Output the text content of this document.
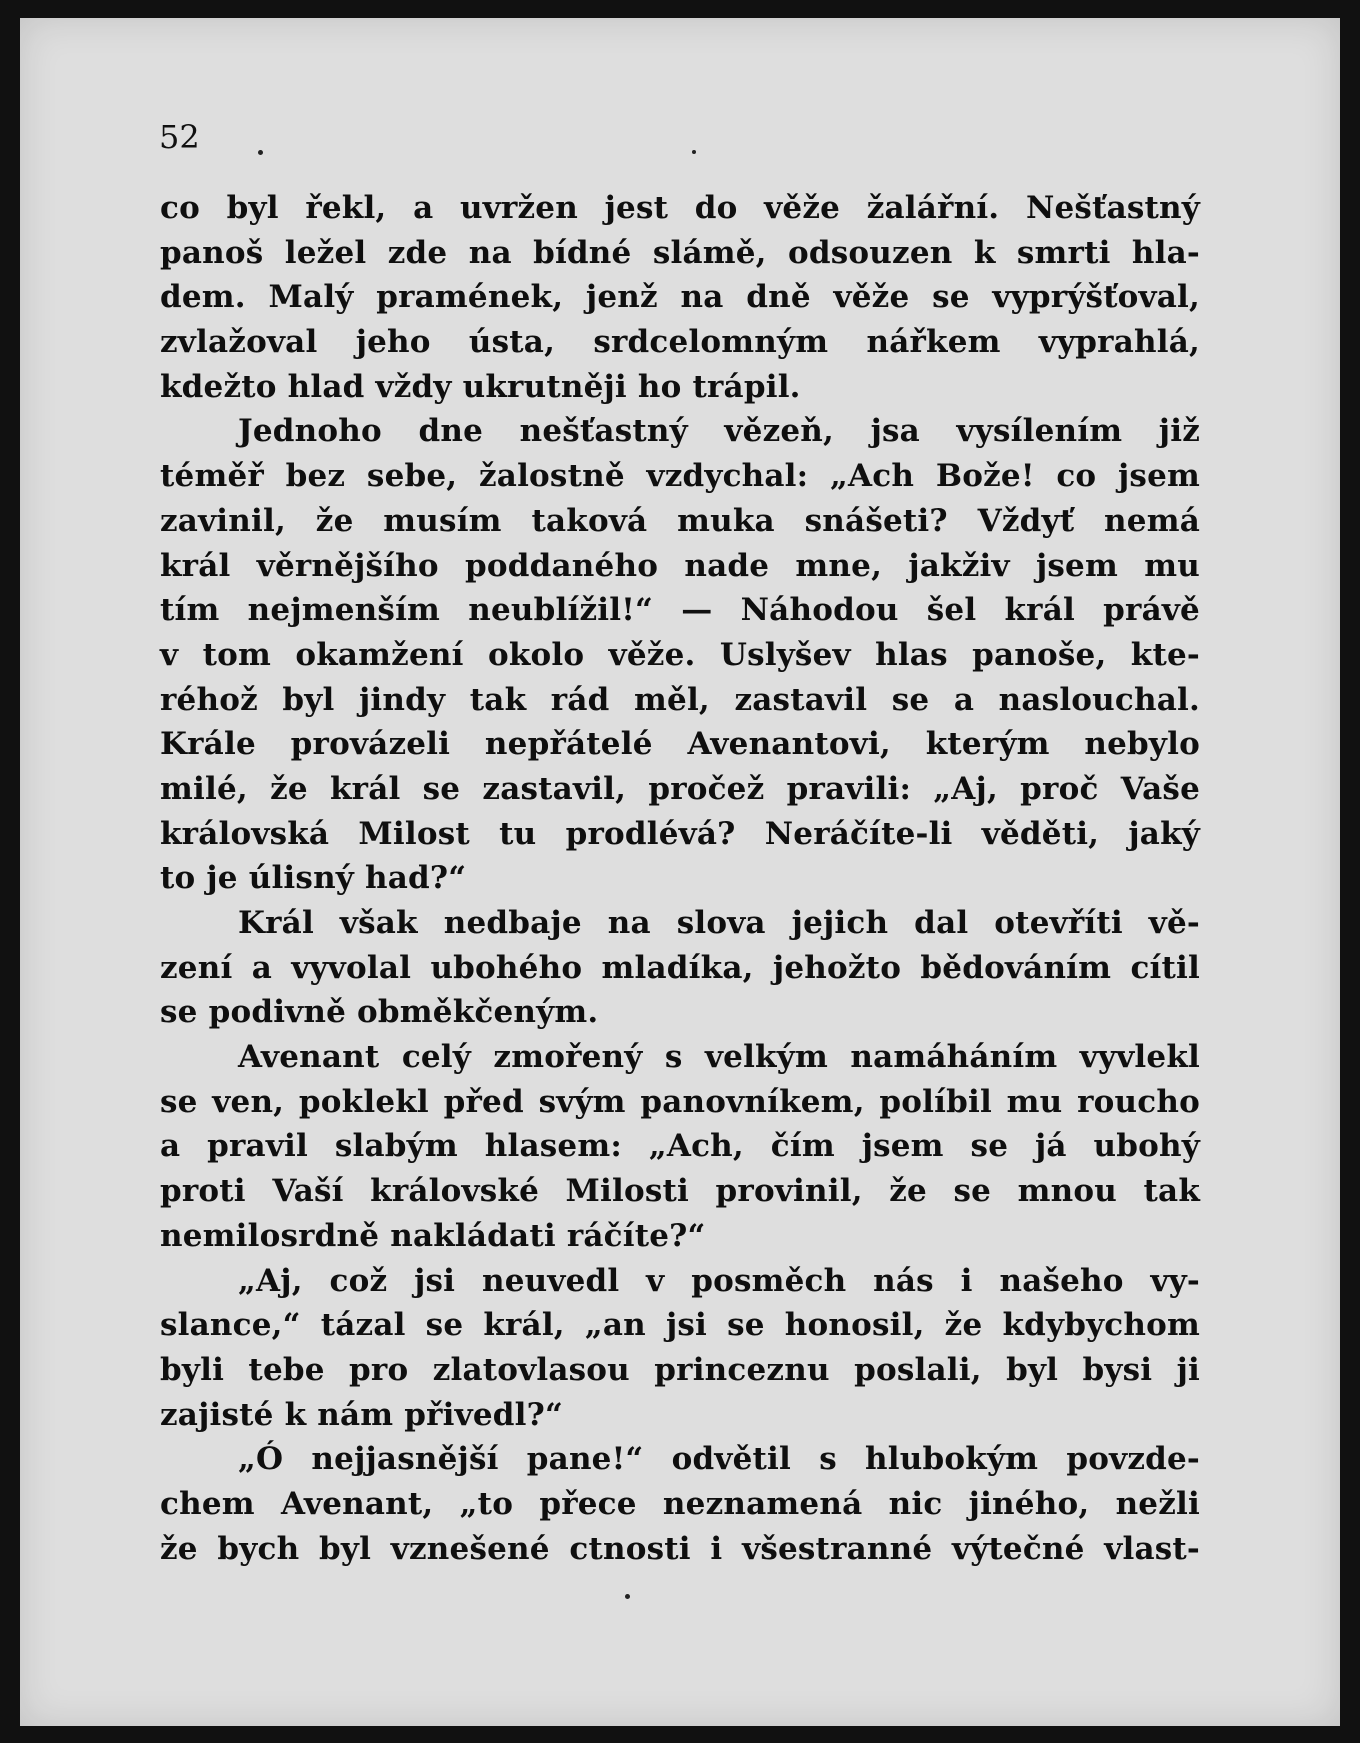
52
co byl řekl, a uvržen jest do věže žalářní. Nešťastný
panoš ležel zde na bídné slámě, odsouzen k smrti hla-
dem. Malý pramének, jenž na dně věže se vyprýšťoval,
zvlažoval jeho ústa, srdcelomným nářkem vyprahlá,
kdežto hlad vždy ukrutněji ho trápil.
Jednoho dne nešťastný vězeň, jsa vysílením již
téměř bez sebe, žalostně vzdychal: „Ach Bože! co jsem
zavinil, že musím taková muka snášeti? Vždyť nemá
král věrnějšího poddaného nade mne, jakživ jsem mu
tím nejmenším neublížil!“ — Náhodou šel král právě
v tom okamžení okolo věže. Uslyšev hlas panoše, kte-
réhož byl jindy tak rád měl, zastavil se a naslouchal.
Krále provázeli nepřátelé Avenantovi, kterým nebylo
milé, že král se zastavil, pročež pravili: „Aj, proč Vaše
královská Milost tu prodlévá? Neráčíte-li věděti, jaký
to je úlisný had?“
Král však nedbaje na slova jejich dal otevříti vě-
zení a vyvolal ubohého mladíka, jehožto bědováním cítil
se podivně obměkčeným.
Avenant celý zmořený s velkým namáháním vyvlekl
se ven, poklekl před svým panovníkem, políbil mu roucho
a pravil slabým hlasem: „Ach, čím jsem se já ubohý
proti Vaší královské Milosti provinil, že se mnou tak
nemilosrdně nakládati ráčíte?“
„Aj, což jsi neuvedl v posměch nás i našeho vy-
slance,“ tázal se král, „an jsi se honosil, že kdybychom
byli tebe pro zlatovlasou princeznu poslali, byl bysi ji
zajisté k nám přivedl?“
„Ó nejjasnější pane!“ odvětil s hlubokým povzde-
chem Avenant, „to přece neznamená nic jiného, nežli
že bych byl vznešené ctnosti i všestranné výtečné vlast-
